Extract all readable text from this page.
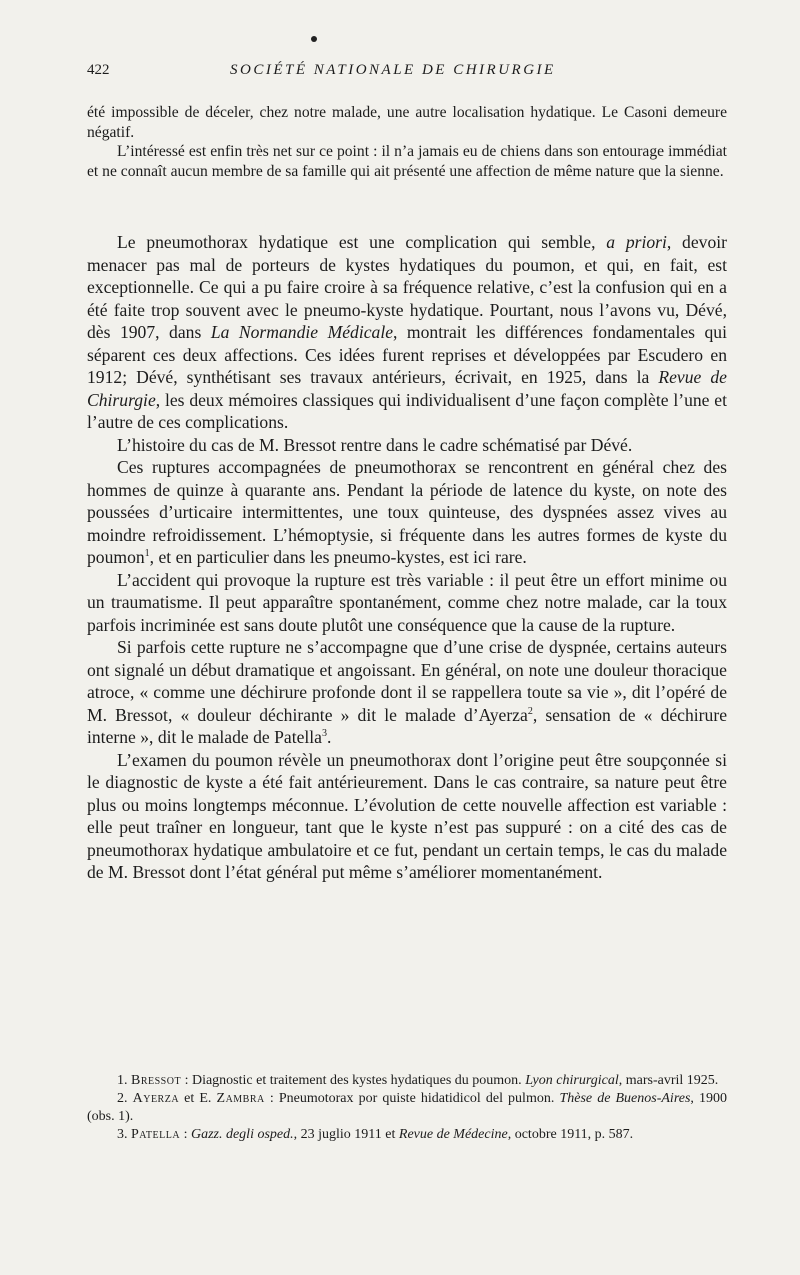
422	SOCIÉTÉ NATIONALE DE CHIRURGIE

été impossible de déceler, chez notre malade, une autre localisation hydatique. Le Casoni demeure négatif.

L’intéressé est enfin très net sur ce point : il n’a jamais eu de chiens dans son entourage immédiat et ne connaît aucun membre de sa famille qui ait présenté une affection de même nature que la sienne.

Le pneumothorax hydatique est une complication qui semble, a priori, devoir menacer pas mal de porteurs de kystes hydatiques du poumon, et qui, en fait, est exceptionnelle. Ce qui a pu faire croire à sa fréquence relative, c’est la confusion qui en a été faite trop souvent avec le pneumo-kyste hydatique. Pourtant, nous l’avons vu, Dévé, dès 1907, dans La Normandie Médicale, montrait les différences fondamentales qui séparent ces deux affections. Ces idées furent reprises et développées par Escudero en 1912; Dévé, synthétisant ses travaux antérieurs, écrivait, en 1925, dans la Revue de Chirurgie, les deux mémoires classiques qui individualisent d’une façon complète l’une et l’autre de ces complications.

L’histoire du cas de M. Bressot rentre dans le cadre schématisé par Dévé.

Ces ruptures accompagnées de pneumothorax se rencontrent en général chez des hommes de quinze à quarante ans. Pendant la période de latence du kyste, on note des poussées d’urticaire intermittentes, une toux quinteuse, des dyspnées assez vives au moindre refroidissement. L’hémoptysie, si fréquente dans les autres formes de kyste du poumon$^1$, et en particulier dans les pneumo-kystes, est ici rare.

L’accident qui provoque la rupture est très variable : il peut être un effort minime ou un traumatisme. Il peut apparaître spontanément, comme chez notre malade, car la toux parfois incriminée est sans doute plutôt une conséquence que la cause de la rupture.

Si parfois cette rupture ne s’accompagne que d’une crise de dyspnée, certains auteurs ont signalé un début dramatique et angoissant. En général, on note une douleur thoracique atroce, « comme une déchirure profonde dont il se rappellera toute sa vie », dit l’opéré de M. Bressot, « douleur déchirante » dit le malade d’Ayerza$^2$, sensation de « déchirure interne », dit le malade de Patella$^3$.

L’examen du poumon révèle un pneumothorax dont l’origine peut être soupçonnée si le diagnostic de kyste a été fait antérieurement. Dans le cas contraire, sa nature peut être plus ou moins longtemps méconnue. L’évolution de cette nouvelle affection est variable : elle peut traîner en longueur, tant que le kyste n’est pas suppuré : on a cité des cas de pneumothorax hydatique ambulatoire et ce fut, pendant un certain temps, le cas du malade de M. Bressot dont l’état général put même s’améliorer momentanément.

1. Bressot : Diagnostic et traitement des kystes hydatiques du poumon. Lyon chirurgical, mars-avril 1925.

2. Ayerza et E. Zambra : Pneumotorax por quiste hidatidicol del pulmon. Thèse de Buenos-Aires, 1900 (obs. 1).

3. Patella : Gazz. degli osped., 23 juglio 1911 et Revue de Médecine, octobre 1911, p. 587.
